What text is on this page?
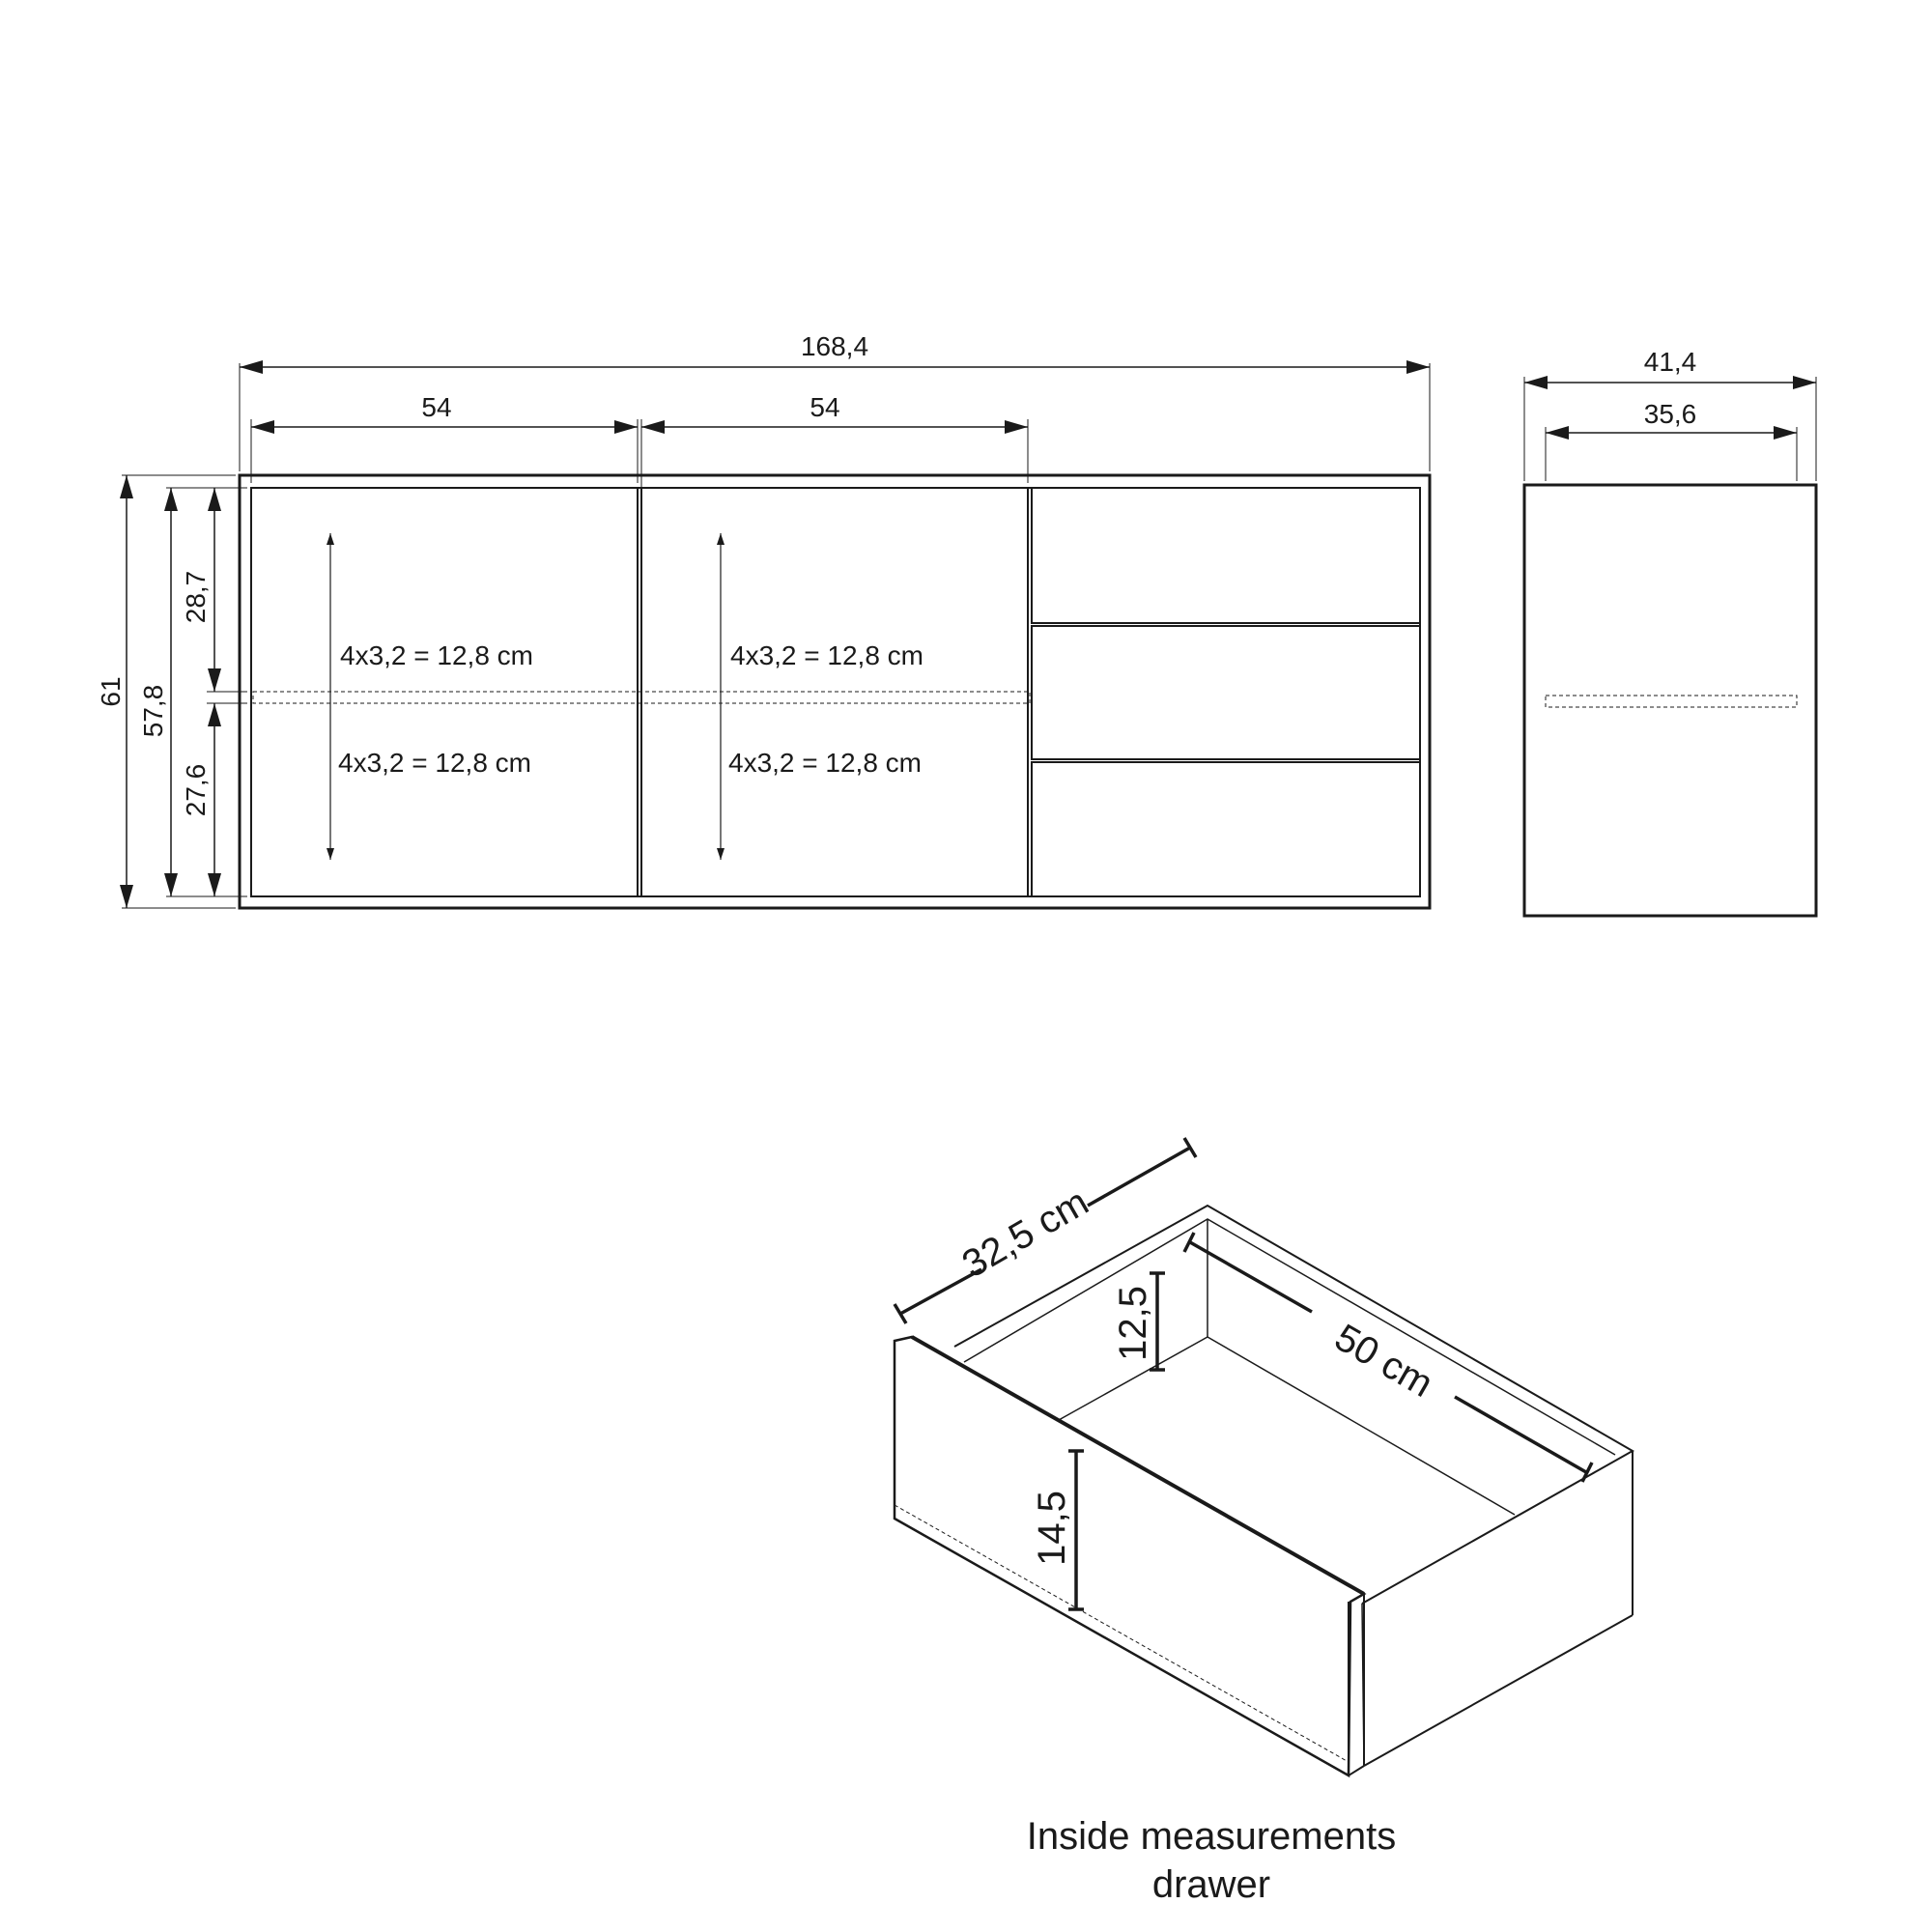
4x3,2 = 12,8 cm
4x3,2 = 12,8 cm
4x3,2 = 12,8 cm
4x3,2 = 12,8 cm
168,4
54	54
61 57,8
28,7
27,6
41,4
35,6
32,5 cm
50 cm
12,5
14,5
Inside measurements
drawer
